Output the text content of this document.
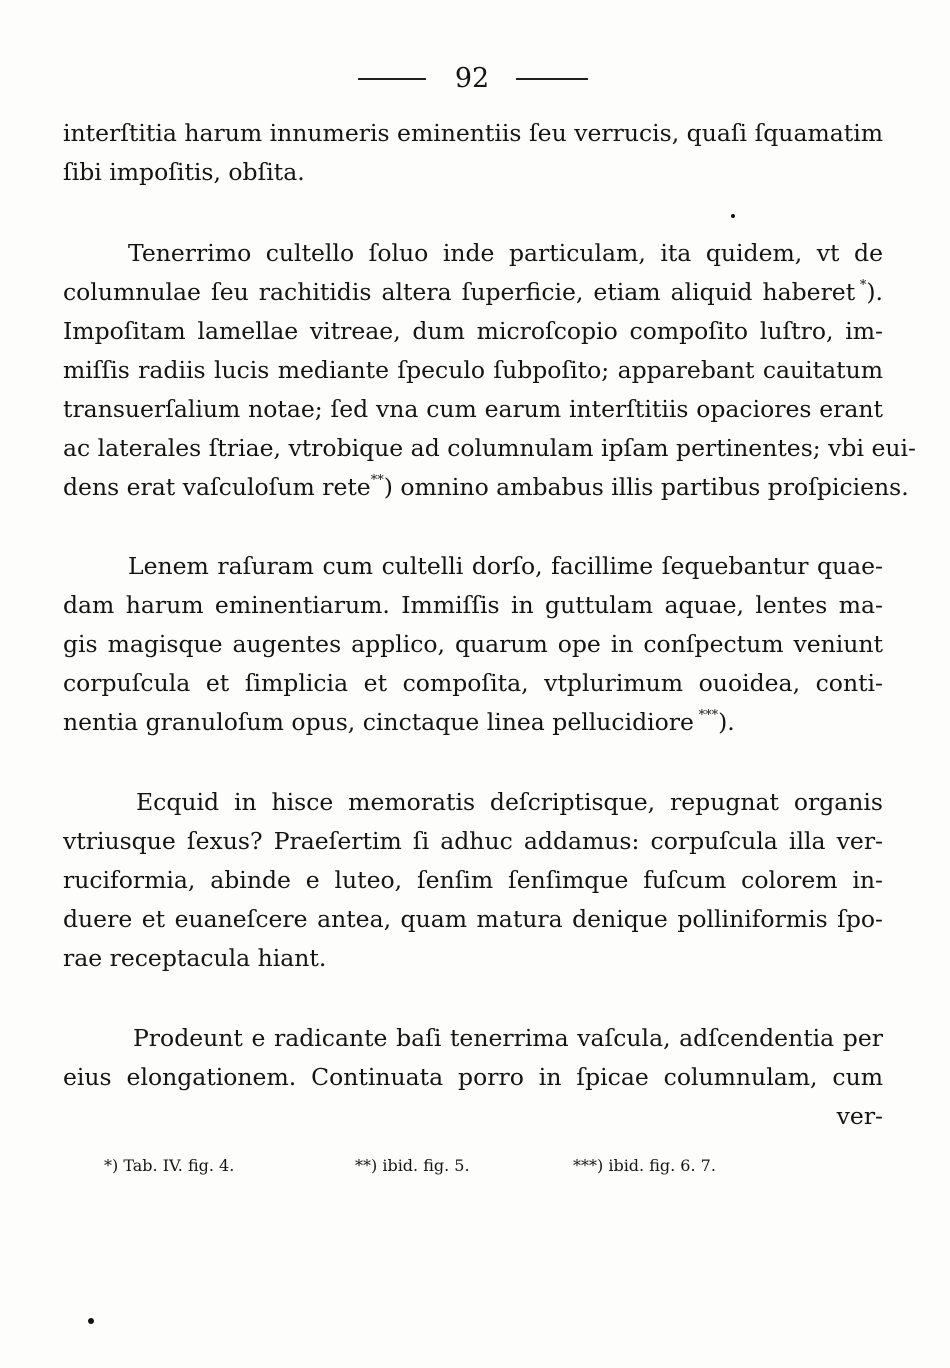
92
interſtitia harum innumeris eminentiis ſeu verrucis, quaſi ſquamatim
ſibi impoſitis, obſita.
Tenerrimo cultello ſoluo inde particulam, ita quidem, vt de
columnulae ſeu rachitidis altera ſuperficie, etiam aliquid haberet  *).
Impoſitam lamellae vitreae, dum microſcopio compoſito luſtro, im-
miſſis radiis lucis mediante ſpeculo ſubpoſito; apparebant cauitatum
transuerſalium notae; ſed vna cum earum interſtitiis opaciores erant
ac laterales ſtriae, vtrobique ad columnulam ipſam pertinentes; vbi eui-
dens erat vaſculoſum rete**) omnino ambabus illis partibus proſpiciens.
Lenem raſuram cum cultelli dorſo, facillime ſequebantur quae-
dam harum eminentiarum. Immiſſis in guttulam aquae, lentes ma-
gis magisque augentes applico, quarum ope in conſpectum veniunt
corpuſcula et ſimplicia et compoſita, vtplurimum ouoidea, conti-
nentia granuloſum opus, cinctaque linea pellucidiore  ***).
Ecquid in hisce memoratis deſcriptisque, repugnat organis
vtriusque ſexus? Praeſertim ſi adhuc addamus: corpuſcula illa ver-
ruciformia, abinde e luteo, ſenſim ſenſimque fuſcum colorem in-
duere et euaneſcere antea, quam matura denique polliniformis ſpo-
rae receptacula hiant.
Prodeunt e radicante baſi tenerrima vaſcula, adſcendentia per
eius elongationem. Continuata porro in ſpicae columnulam, cum
ver-
*) Tab. IV. fig. 4.	**) ibid. fig. 5.	***) ibid. fig. 6. 7.
